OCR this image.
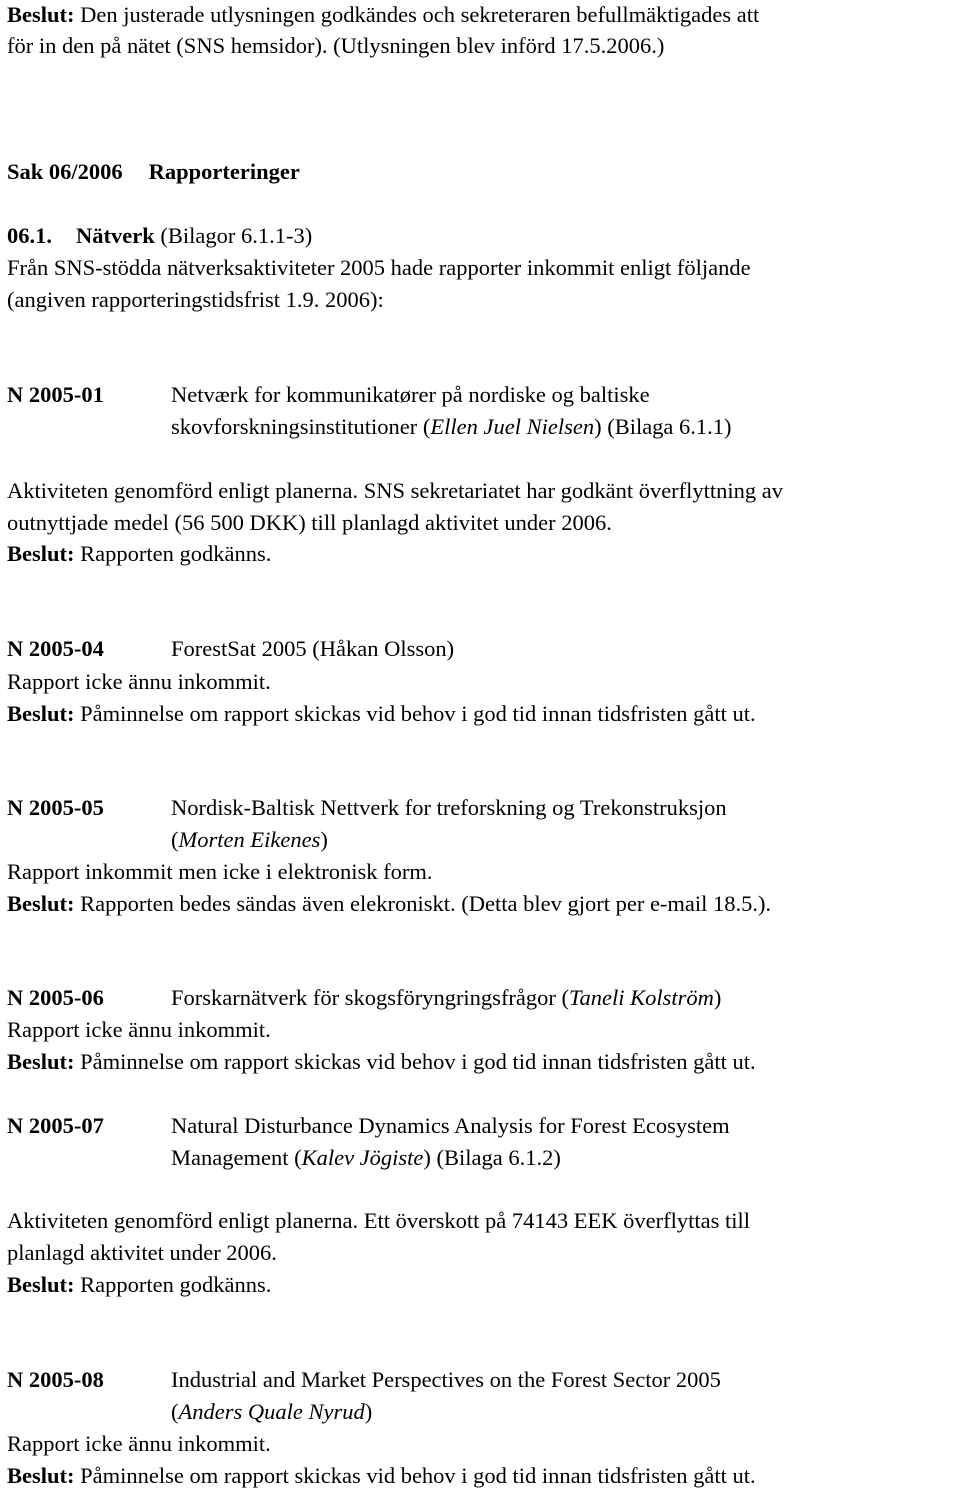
Beslut: Den justerade utlysningen godkändes och sekreteraren befullmäktigades att
för in den på nätet (SNS hemsidor). (Utlysningen blev införd 17.5.2006.)
Sak 06/2006 Rapporteringer
06.1. Nätverk (Bilagor 6.1.1-3)
Från SNS-stödda nätverksaktiviteter 2005 hade rapporter inkommit enligt följande
(angiven rapporteringstidsfrist 1.9. 2006):
N 2005-01	Netværk for kommunikatører på nordiske og baltiske
skovforskningsinstitutioner (Ellen Juel Nielsen) (Bilaga 6.1.1)
Aktiviteten genomförd enligt planerna. SNS sekretariatet har godkänt överflyttning av
outnyttjade medel (56 500 DKK) till planlagd aktivitet under 2006.
Beslut: Rapporten godkänns.
N 2005-04	ForestSat 2005 (Håkan Olsson)
Rapport icke ännu inkommit.
Beslut: Påminnelse om rapport skickas vid behov i god tid innan tidsfristen gått ut.
N 2005-05	Nordisk-Baltisk Nettverk for treforskning og Trekonstruksjon
(Morten Eikenes)
Rapport inkommit men icke i elektronisk form.
Beslut: Rapporten bedes sändas även elekroniskt. (Detta blev gjort per e-mail 18.5.).
N 2005-06	Forskarnätverk för skogsföryngringsfrågor (Taneli Kolström)
Rapport icke ännu inkommit.
Beslut: Påminnelse om rapport skickas vid behov i god tid innan tidsfristen gått ut.
N 2005-07	Natural Disturbance Dynamics Analysis for Forest Ecosystem
Management (Kalev Jögiste) (Bilaga 6.1.2)
Aktiviteten genomförd enligt planerna. Ett överskott på 74143 EEK överflyttas till
planlagd aktivitet under 2006.
Beslut: Rapporten godkänns.
N 2005-08	Industrial and Market Perspectives on the Forest Sector 2005
(Anders Quale Nyrud)
Rapport icke ännu inkommit.
Beslut: Påminnelse om rapport skickas vid behov i god tid innan tidsfristen gått ut.
